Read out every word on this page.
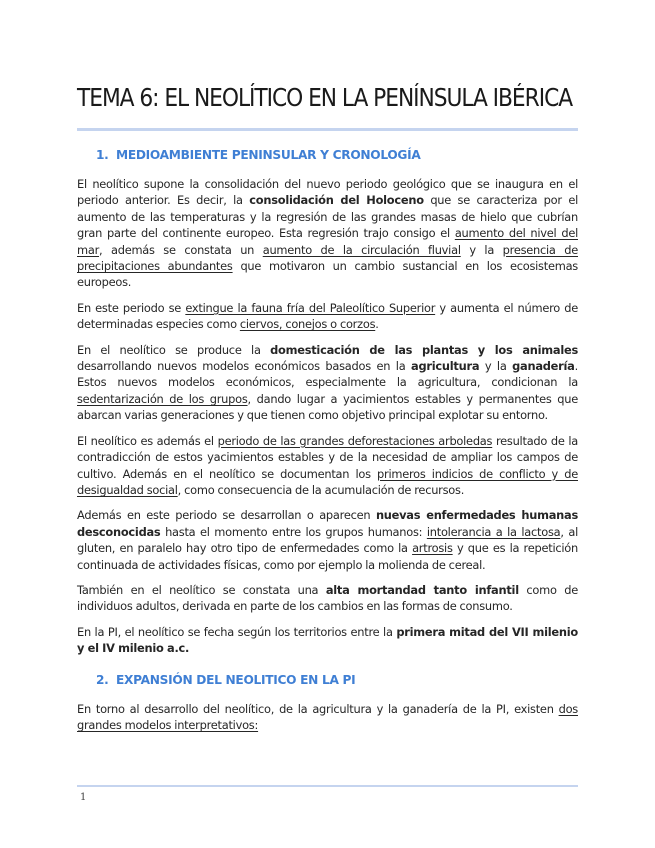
TEMA 6: EL NEOLÍTICO EN LA PENÍNSULA IBÉRICA
1. MEDIOAMBIENTE PENINSULAR Y CRONOLOGÍA

El neolítico supone la consolidación del nuevo periodo geológico que se inaugura en el periodo anterior. Es decir, la consolidación del Holoceno que se caracteriza por el aumento de las temperaturas y la regresión de las grandes masas de hielo que cubrían gran parte del continente europeo. Esta regresión trajo consigo el aumento del nivel del mar, además se constata un aumento de la circulación fluvial y la presencia de precipitaciones abundantes que motivaron un cambio sustancial en los ecosistemas europeos.

En este periodo se extingue la fauna fría del Paleolítico Superior y aumenta el número de determinadas especies como ciervos, conejos o corzos.

En el neolítico se produce la domesticación de las plantas y los animales desarrollando nuevos modelos económicos basados en la agricultura y la ganadería. Estos nuevos modelos económicos, especialmente la agricultura, condicionan la sedentarización de los grupos, dando lugar a yacimientos estables y permanentes que abarcan varias generaciones y que tienen como objetivo principal explotar su entorno.

El neolítico es además el periodo de las grandes deforestaciones arboledas resultado de la contradicción de estos yacimientos estables y de la necesidad de ampliar los campos de cultivo. Además en el neolítico se documentan los primeros indicios de conflicto y de desigualdad social, como consecuencia de la acumulación de recursos.

Además en este periodo se desarrollan o aparecen nuevas enfermedades humanas desconocidas hasta el momento entre los grupos humanos: intolerancia a la lactosa, al gluten, en paralelo hay otro tipo de enfermedades como la artrosis y que es la repetición continuada de actividades físicas, como por ejemplo la molienda de cereal.

También en el neolítico se constata una alta mortandad tanto infantil como de individuos adultos, derivada en parte de los cambios en las formas de consumo.

En la PI, el neolítico se fecha según los territorios entre la primera mitad del VII milenio y el IV milenio a.c.

2. EXPANSIÓN DEL NEOLITICO EN LA PI

En torno al desarrollo del neolítico, de la agricultura y la ganadería de la PI, existen dos grandes modelos interpretativos:

1
